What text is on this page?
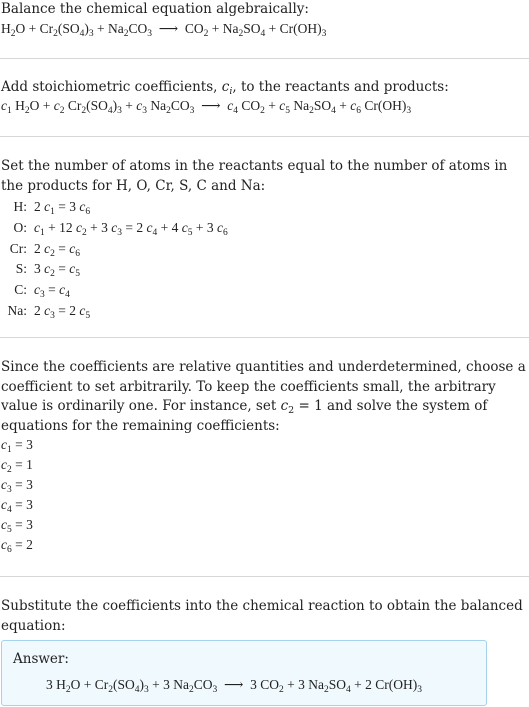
Balance the chemical equation algebraically:
$H_2O + Cr_2(SO_4)_3 + Na_2CO_3$  ⟶  $CO_2 + Na_2SO_4 + Cr(OH)_3$
Add stoichiometric coefficients, $c_i$, to the reactants and products:
$c_1$ $H_2O + c_2$ $Cr_2(SO_4)_3 + c_3$ $Na_2CO_3$  ⟶  $c_4$ $CO_2 + c_5$ $Na_2SO_4 + c_6$ $Cr(OH)_3$
Set the number of atoms in the reactants equal to the number of atoms in the products for H, O, Cr, S, C and Na:
H: 2 $c_1 = 3$ $c_6$
O: $c_1 + 12$ $c_2 + 3$ $c_3 = 2$ $c_4 + 4$ $c_5 + 3$ $c_6$
Cr: 2 $c_2 = c_6$
S: 3 $c_2 = c_5$
C: $c_3 = c_4$
Na: 2 $c_3 = 2$ $c_5$
Since the coefficients are relative quantities and underdetermined, choose a coefficient to set arbitrarily. To keep the coefficients small, the arbitrary value is ordinarily one. For instance, set $c_2 = 1$ and solve the system of equations for the remaining coefficients:
$c_1 = 3$
$c_2 = 1$
$c_3 = 3$
$c_4 = 3$
$c_5 = 3$
$c_6 = 2$
Substitute the coefficients into the chemical reaction to obtain the balanced equation:
Answer:
3 $H_2O + Cr_2(SO_4)_3 + 3$ $Na_2CO_3$  ⟶  3 $CO_2 + 3$ $Na_2SO_4 + 2$ $Cr(OH)_3$
